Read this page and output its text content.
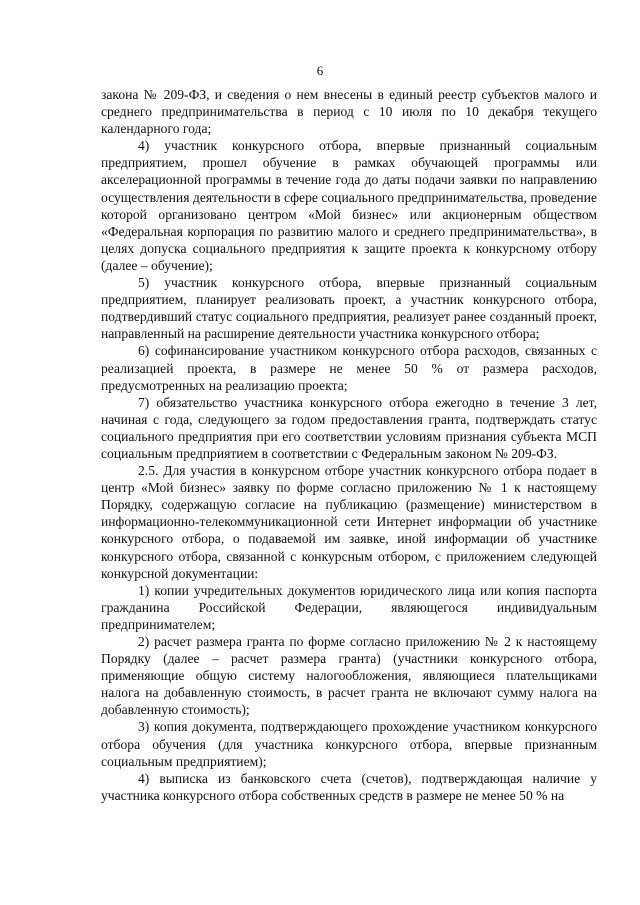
6

закона № 209-ФЗ, и сведения о нем внесены в единый реестр субъектов малого и среднего предпринимательства в период с 10 июля по 10 декабря текущего календарного года;

4) участник конкурсного отбора, впервые признанный социальным предприятием, прошел обучение в рамках обучающей программы или акселерационной программы в течение года до даты подачи заявки по направлению осуществления деятельности в сфере социального предпринимательства, проведение которой организовано центром «Мой бизнес» или акционерным обществом «Федеральная корпорация по развитию малого и среднего предпринимательства», в целях допуска социального предприятия к защите проекта к конкурсному отбору (далее – обучение);

5) участник конкурсного отбора, впервые признанный социальным предприятием, планирует реализовать проект, а участник конкурсного отбора, подтвердивший статус социального предприятия, реализует ранее созданный проект, направленный на расширение деятельности участника конкурсного отбора;

6) софинансирование участником конкурсного отбора расходов, связанных с реализацией проекта, в размере не менее 50 % от размера расходов, предусмотренных на реализацию проекта;

7) обязательство участника конкурсного отбора ежегодно в течение 3 лет, начиная с года, следующего за годом предоставления гранта, подтверждать статус социального предприятия при его соответствии условиям признания субъекта МСП социальным предприятием в соответствии с Федеральным законом № 209-ФЗ.

2.5. Для участия в конкурсном отборе участник конкурсного отбора подает в центр «Мой бизнес» заявку по форме согласно приложению № 1 к настоящему Порядку, содержащую согласие на публикацию (размещение) министерством в информационно-телекоммуникационной сети Интернет информации об участнике конкурсного отбора, о подаваемой им заявке, иной информации об участнике конкурсного отбора, связанной с конкурсным отбором, с приложением следующей конкурсной документации:

1) копии учредительных документов юридического лица или копия паспорта гражданина Российской Федерации, являющегося индивидуальным предпринимателем;

2) расчет размера гранта по форме согласно приложению № 2 к настоящему Порядку (далее – расчет размера гранта) (участники конкурсного отбора, применяющие общую систему налогообложения, являющиеся плательщиками налога на добавленную стоимость, в расчет гранта не включают сумму налога на добавленную стоимость);

3) копия документа, подтверждающего прохождение участником конкурсного отбора обучения (для участника конкурсного отбора, впервые признанным социальным предприятием);

4) выписка из банковского счета (счетов), подтверждающая наличие у участника конкурсного отбора собственных средств в размере не менее 50 % на
